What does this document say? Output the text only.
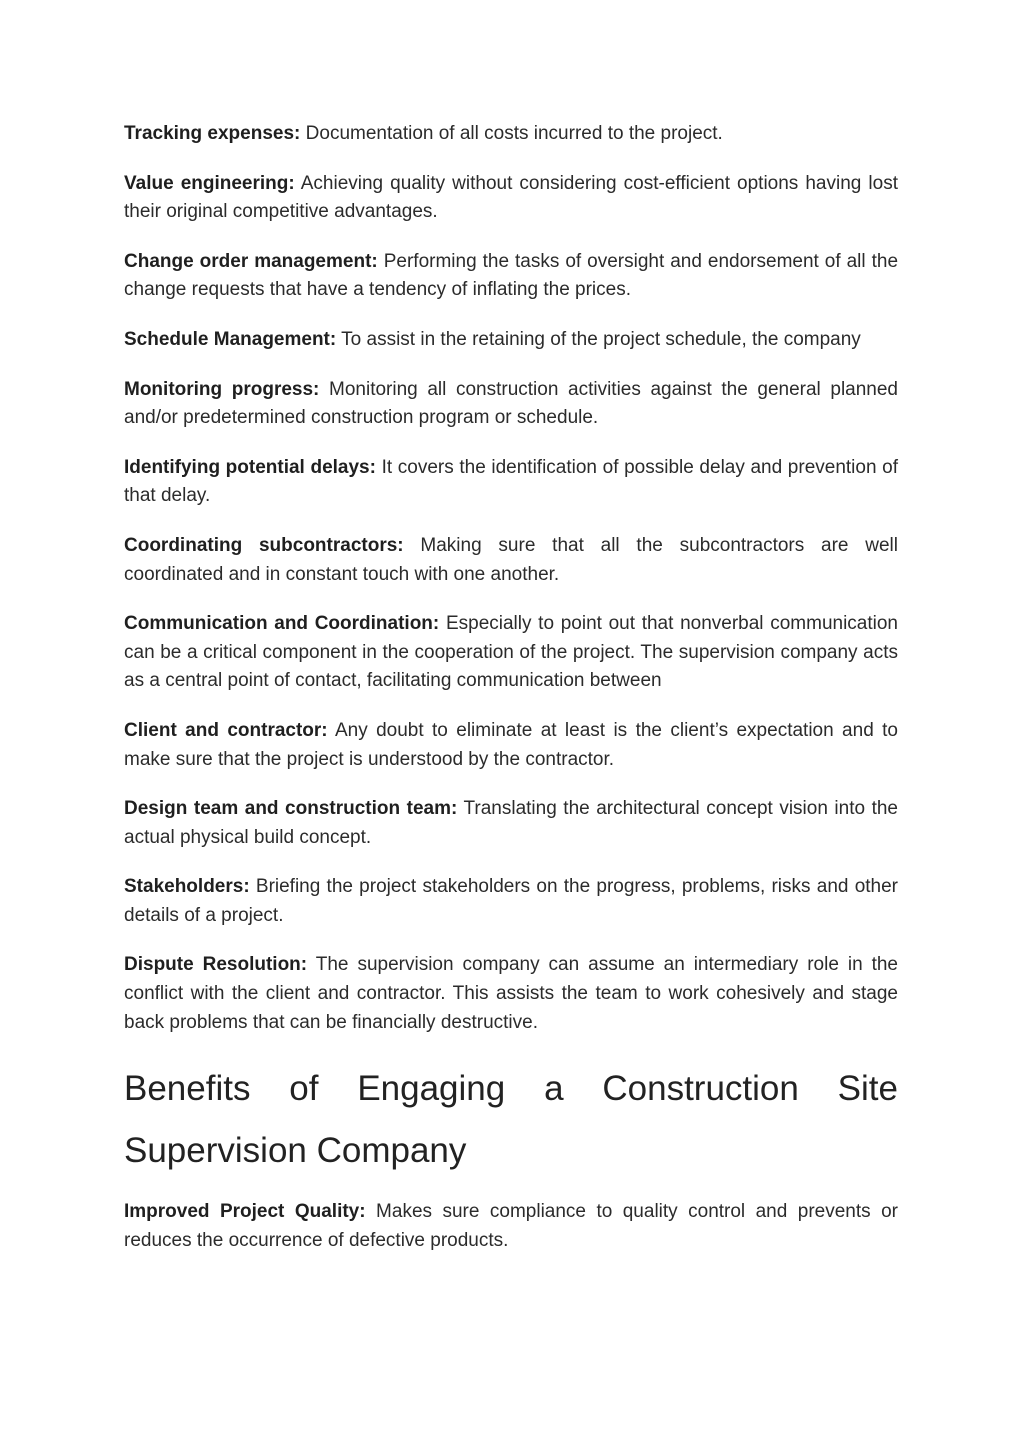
Tracking expenses: Documentation of all costs incurred to the project.

Value engineering: Achieving quality without considering cost-efficient options having lost their original competitive advantages.

Change order management: Performing the tasks of oversight and endorsement of all the change requests that have a tendency of inflating the prices.

Schedule Management: To assist in the retaining of the project schedule, the company

Monitoring progress: Monitoring all construction activities against the general planned and/or predetermined construction program or schedule.

Identifying potential delays: It covers the identification of possible delay and prevention of that delay.

Coordinating subcontractors: Making sure that all the subcontractors are well coordinated and in constant touch with one another.

Communication and Coordination: Especially to point out that nonverbal communication can be a critical component in the cooperation of the project. The supervision company acts as a central point of contact, facilitating communication between

Client and contractor: Any doubt to eliminate at least is the client’s expectation and to make sure that the project is understood by the contractor.

Design team and construction team: Translating the architectural concept vision into the actual physical build concept.

Stakeholders: Briefing the project stakeholders on the progress, problems, risks and other details of a project.

Dispute Resolution: The supervision company can assume an intermediary role in the conflict with the client and contractor. This assists the team to work cohesively and stage back problems that can be financially destructive.

Benefits of Engaging a Construction Site Supervision Company

Improved Project Quality: Makes sure compliance to quality control and prevents or reduces the occurrence of defective products.
